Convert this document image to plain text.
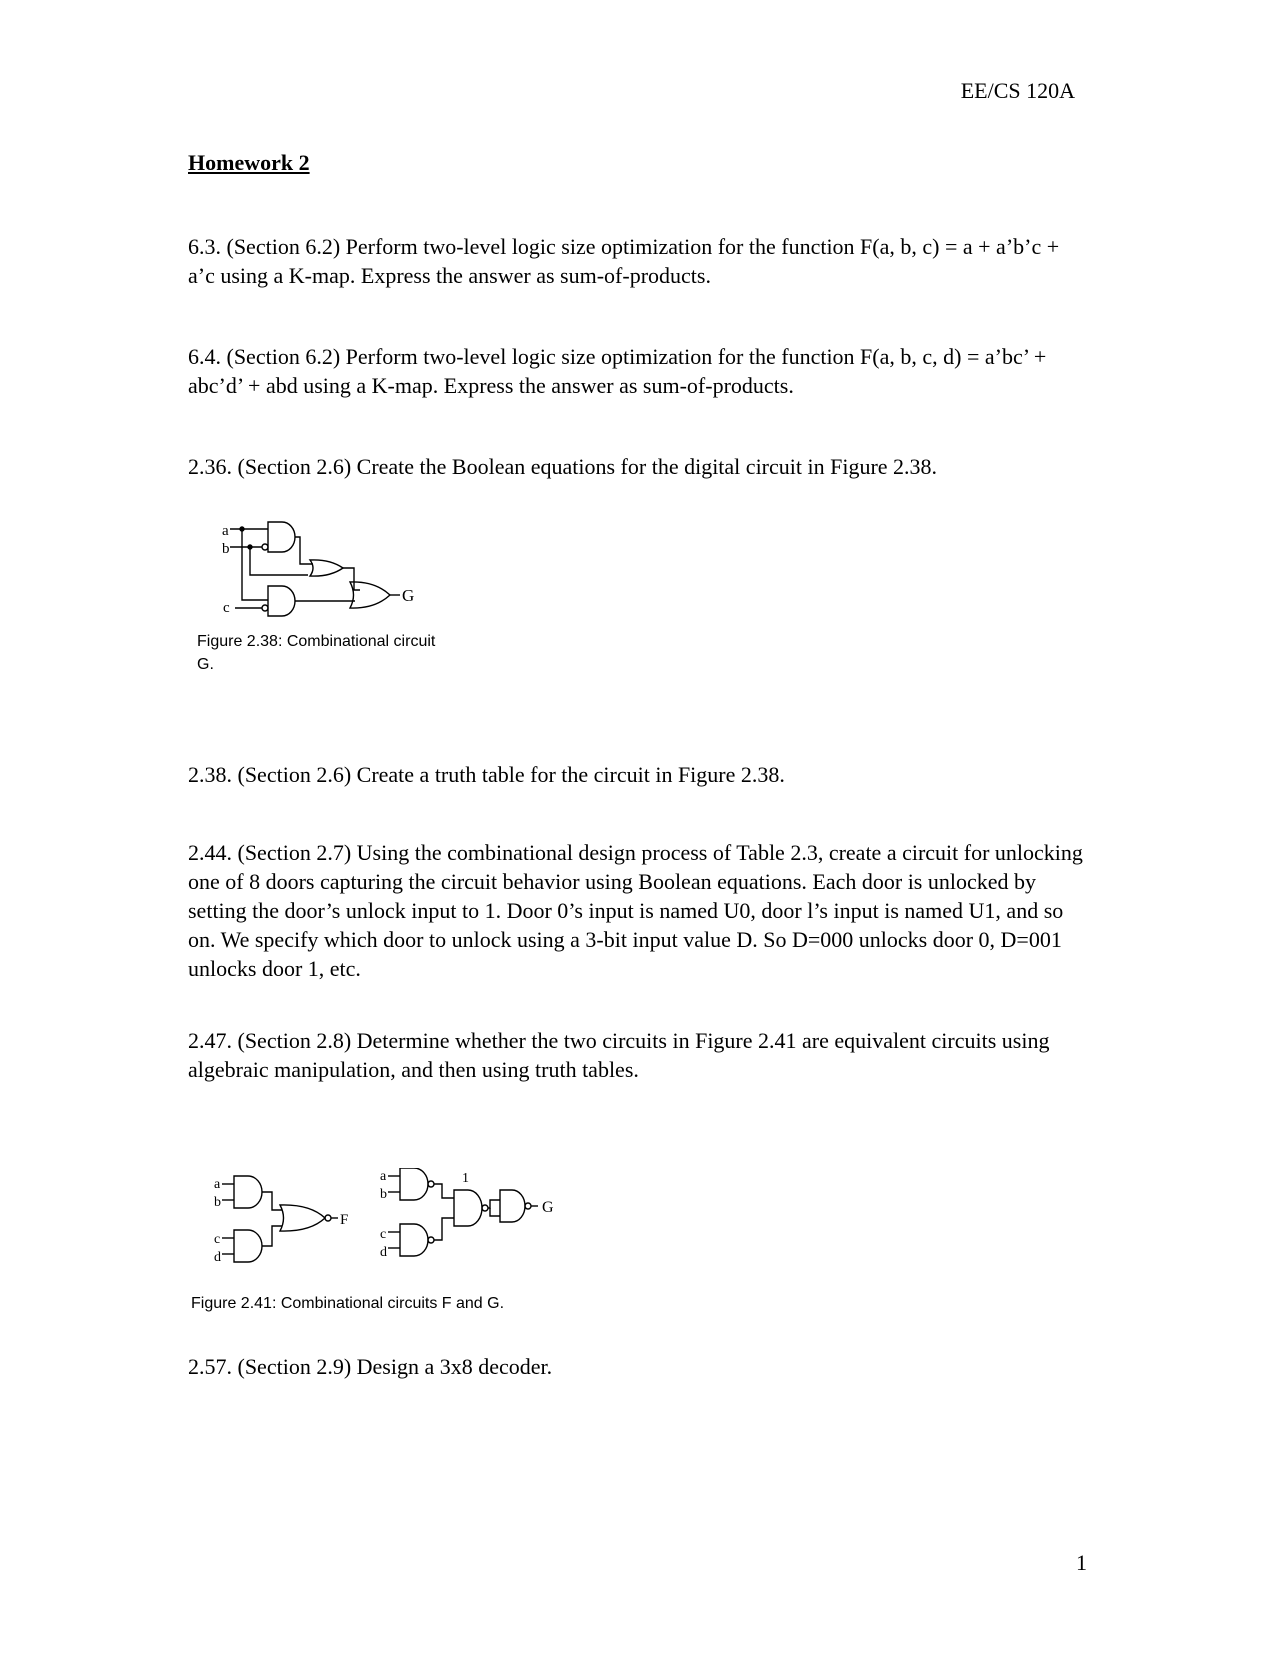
EE/CS 120A
Homework 2

6.3. (Section 6.2) Perform two-level logic size optimization for the function F(a, b, c) = a + a’b’c + a’c using a K-map. Express the answer as sum-of-products.

6.4. (Section 6.2) Perform two-level logic size optimization for the function F(a, b, c, d) = a’bc’ + abc’d’ + abd using a K-map. Express the answer as sum-of-products.

2.36. (Section 2.6) Create the Boolean equations for the digital circuit in Figure 2.38.

a
b
c
G
Figure 2.38: Combinational circuit
G.

2.38. (Section 2.6) Create a truth table for the circuit in Figure 2.38.

2.44. (Section 2.7) Using the combinational design process of Table 2.3, create a circuit for unlocking one of 8 doors capturing the circuit behavior using Boolean equations. Each door is unlocked by setting the door’s unlock input to 1. Door 0’s input is named U0, door l’s input is named U1, and so on. We specify which door to unlock using a 3-bit input value D. So D=000 unlocks door 0, D=001 unlocks door 1, etc.

2.47. (Section 2.8) Determine whether the two circuits in Figure 2.41 are equivalent circuits using algebraic manipulation, and then using truth tables.

a
b
c
d
F
a
b
c
d
1
G
Figure 2.41: Combinational circuits F and G.

2.57. (Section 2.9) Design a 3x8 decoder.

1
